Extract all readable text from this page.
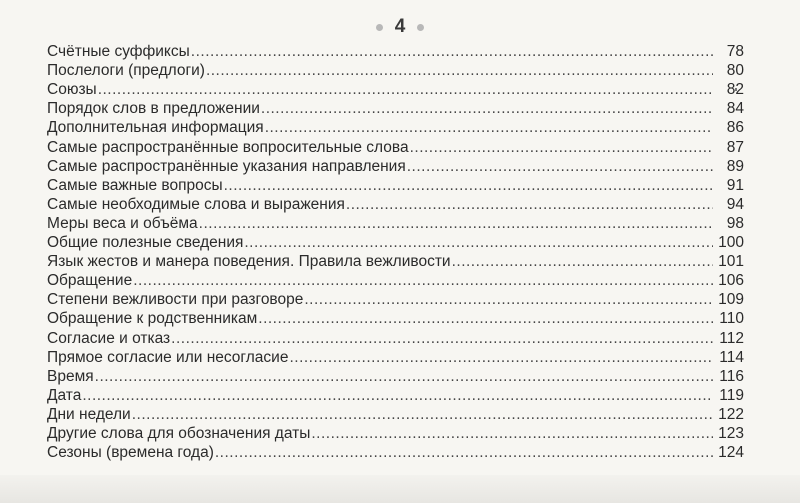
4
Счётные суффиксы .....	78
Послелоги (предлоги) .....	80
Союзы .....	82
Порядок слов в предложении .....	84
Дополнительная информация .....	86
Самые распространённые вопросительные слова .....	87
Самые распространённые указания направления .....	89
Самые важные вопросы .....	91
Самые необходимые слова и выражения .....	94
Меры веса и объёма .....	98
Общие полезные сведения .....	100
Язык жестов и манера поведения. Правила вежливости .....	101
Обращение .....	106
Степени вежливости при разговоре .....	109
Обращение к родственникам .....	110
Согласие и отказ .....	112
Прямое согласие или несогласие .....	114
Время .....	116
Дата .....	119
Дни недели .....	122
Другие слова для обозначения даты .....	123
Сезоны (времена года) .....	124
